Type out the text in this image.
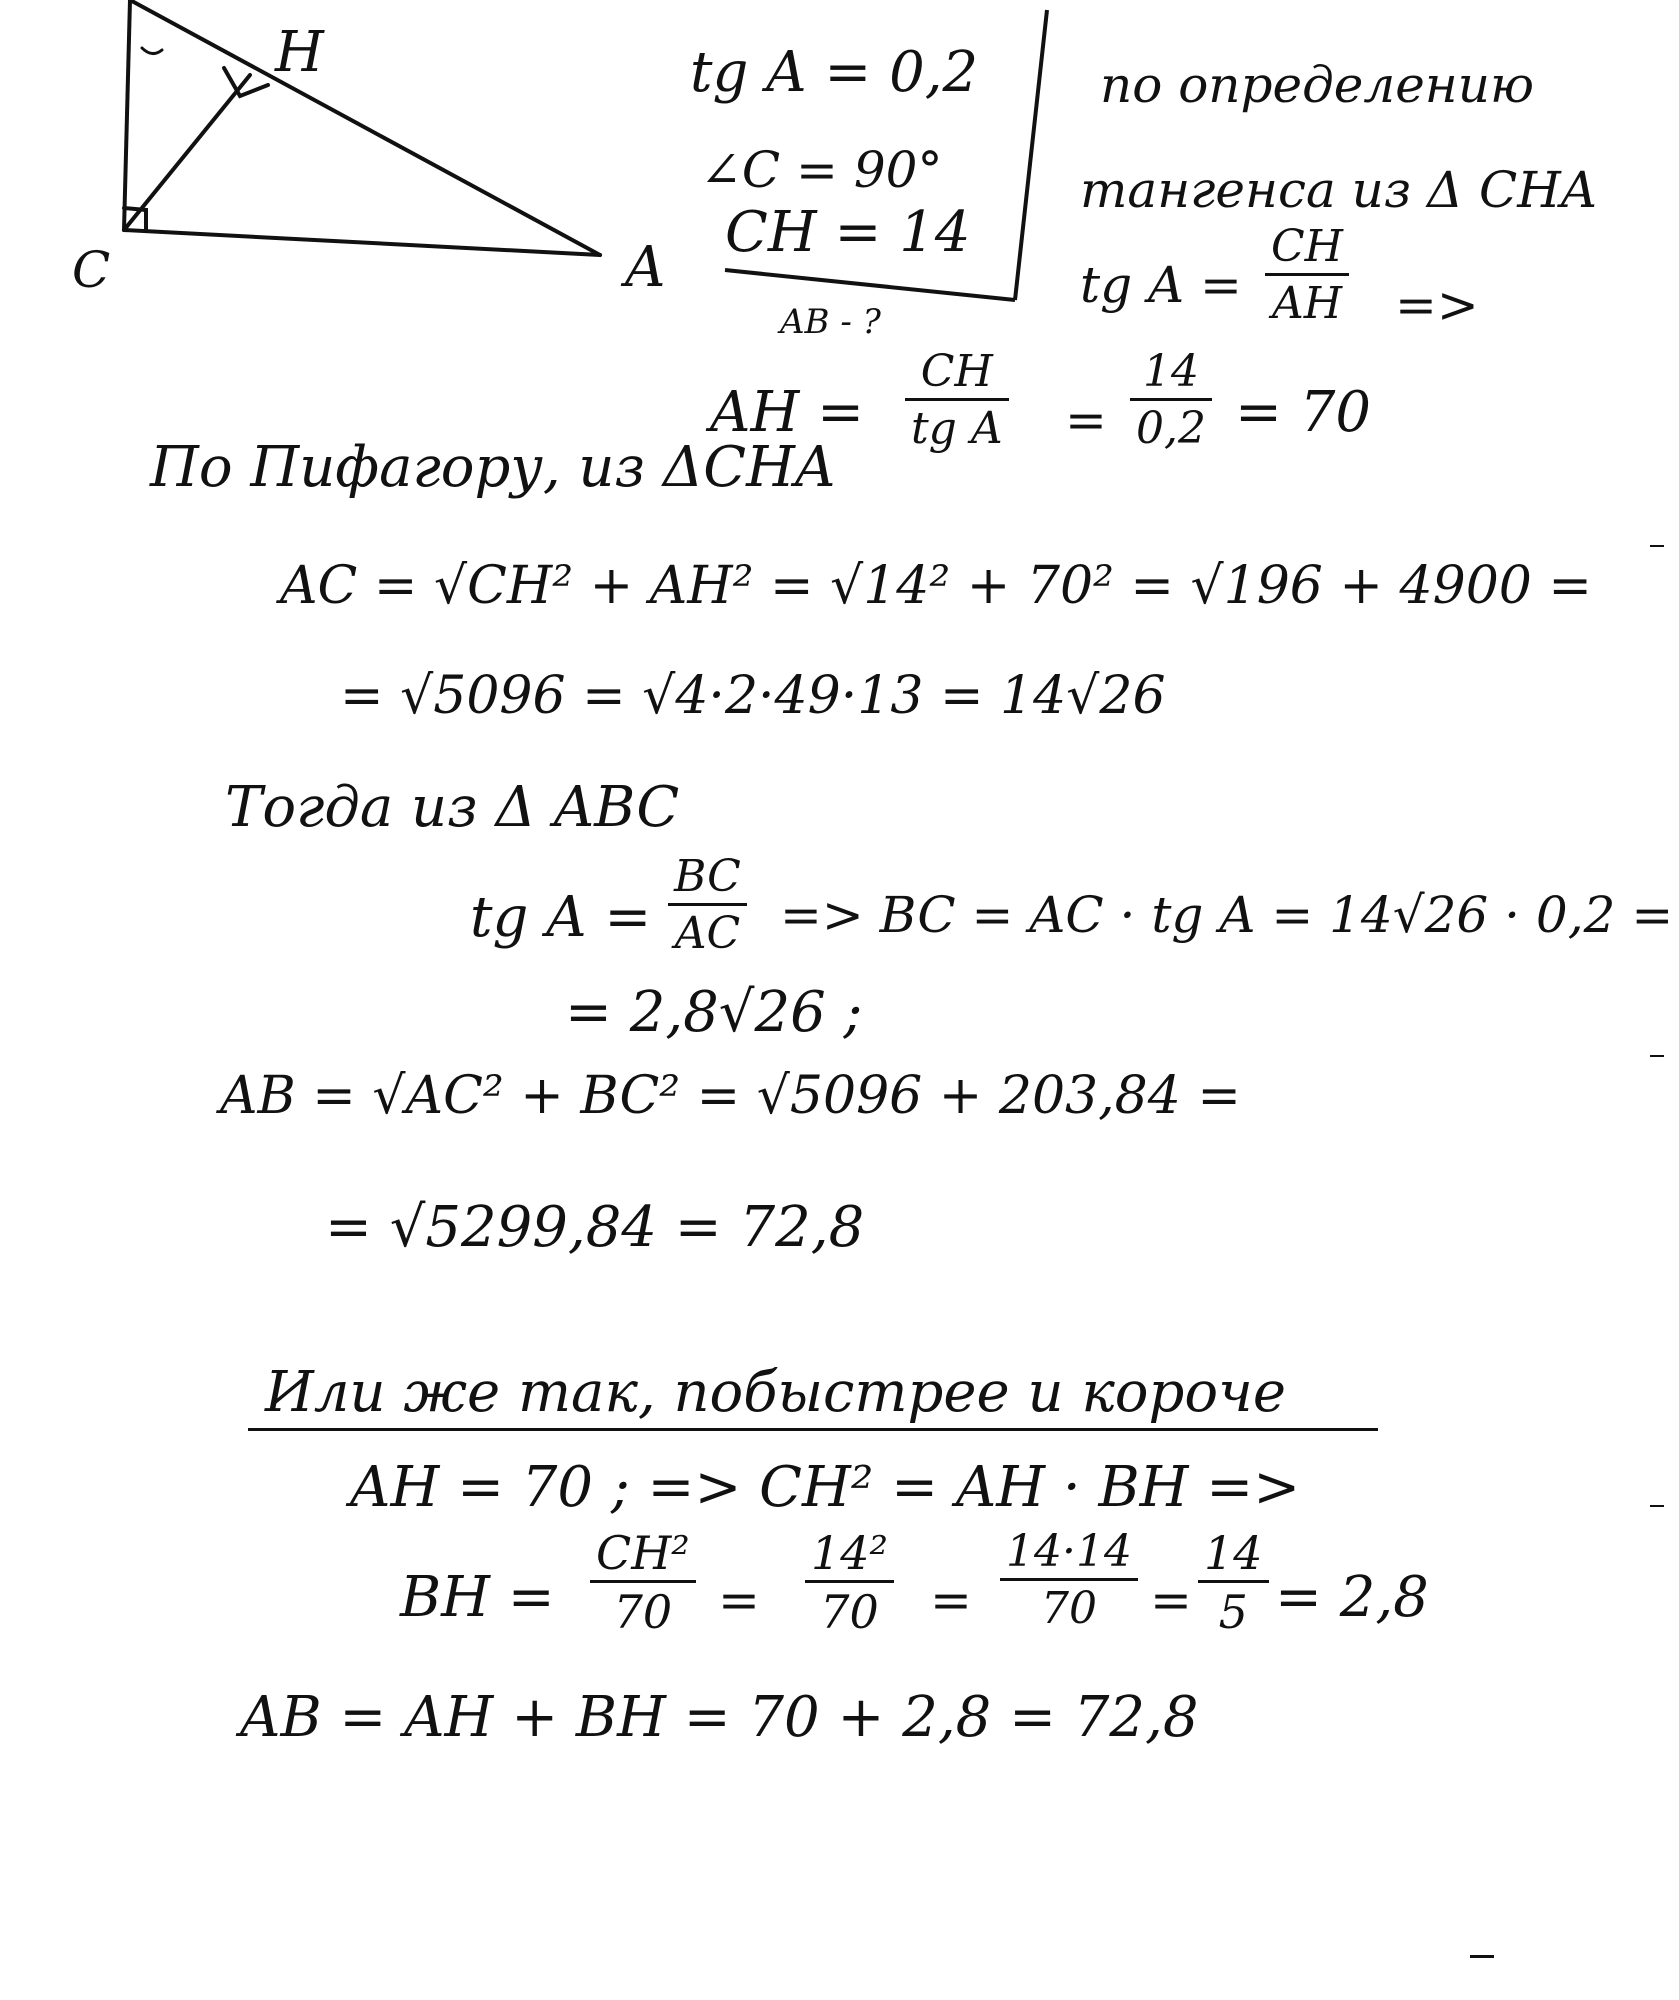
H
C	A
tg A = 0,2
∠C = 90°
CH = 14
AB - ?
по определению
тангенса из Δ CHA
tg A =
CH
AH =>
AH =
CH
tg A =
14
0,2 = 70
По Пифагору, из ΔCHA
AC = √CH² + AH² = √14² + 70² = √196 + 4900 =
= √5096 = √4·2·49·13 = 14√26
Тогда из Δ ABC
tg A =
BC
AC => BC = AC · tg A = 14√26 · 0,2 =
= 2,8√26 ;
AB = √AC² + BC² = √5096 + 203,84 =
= √5299,84 = 72,8
Или же так, побыстрее и короче
AH = 70 ; => CH² = AH · BH =>
BH =
CH²
70 =
14²
70 =
14·14
70 =
14
5 = 2,8
AB = AH + BH = 70 + 2,8 = 72,8
